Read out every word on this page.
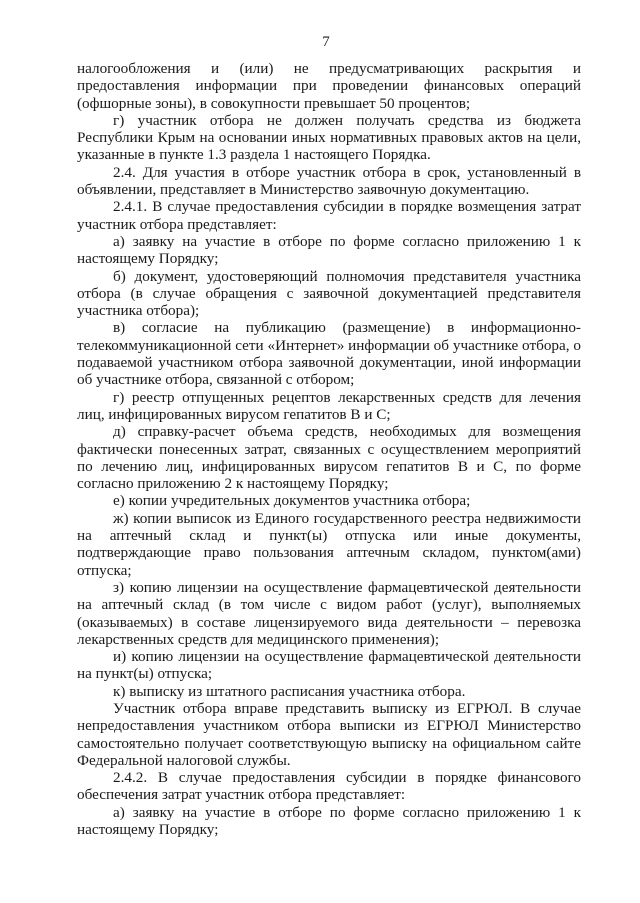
7

налогообложения и (или) не предусматривающих раскрытия и предоставления информации при проведении финансовых операций (офшорные зоны), в совокупности превышает 50 процентов;

г) участник отбора не должен получать средства из бюджета Республики Крым на основании иных нормативных правовых актов на цели, указанные в пункте 1.3 раздела 1 настоящего Порядка.

2.4. Для участия в отборе участник отбора в срок, установленный в объявлении, представляет в Министерство заявочную документацию.

2.4.1. В случае предоставления субсидии в порядке возмещения затрат участник отбора представляет:

а) заявку на участие в отборе по форме согласно приложению 1 к настоящему Порядку;

б) документ, удостоверяющий полномочия представителя участника отбора (в случае обращения с заявочной документацией представителя участника отбора);

в) согласие на публикацию (размещение) в информационно-телекоммуникационной сети «Интернет» информации об участнике отбора, о подаваемой участником отбора заявочной документации, иной информации об участнике отбора, связанной с отбором;

г) реестр отпущенных рецептов лекарственных средств для лечения лиц, инфицированных вирусом гепатитов В и С;

д) справку-расчет объема средств, необходимых для возмещения фактически понесенных затрат, связанных с осуществлением мероприятий по лечению лиц, инфицированных вирусом гепатитов В и С, по форме согласно приложению 2 к настоящему Порядку;

е) копии учредительных документов участника отбора;

ж) копии выписок из Единого государственного реестра недвижимости на аптечный склад и пункт(ы) отпуска или иные документы, подтверждающие право пользования аптечным складом, пунктом(ами) отпуска;

з) копию лицензии на осуществление фармацевтической деятельности на аптечный склад (в том числе с видом работ (услуг), выполняемых (оказываемых) в составе лицензируемого вида деятельности – перевозка лекарственных средств для медицинского применения);

и) копию лицензии на осуществление фармацевтической деятельности на пункт(ы) отпуска;

к) выписку из штатного расписания участника отбора.

Участник отбора вправе представить выписку из ЕГРЮЛ. В случае непредоставления участником отбора выписки из ЕГРЮЛ Министерство самостоятельно получает соответствующую выписку на официальном сайте Федеральной налоговой службы.

2.4.2. В случае предоставления субсидии в порядке финансового обеспечения затрат участник отбора представляет:

а) заявку на участие в отборе по форме согласно приложению 1 к настоящему Порядку;
